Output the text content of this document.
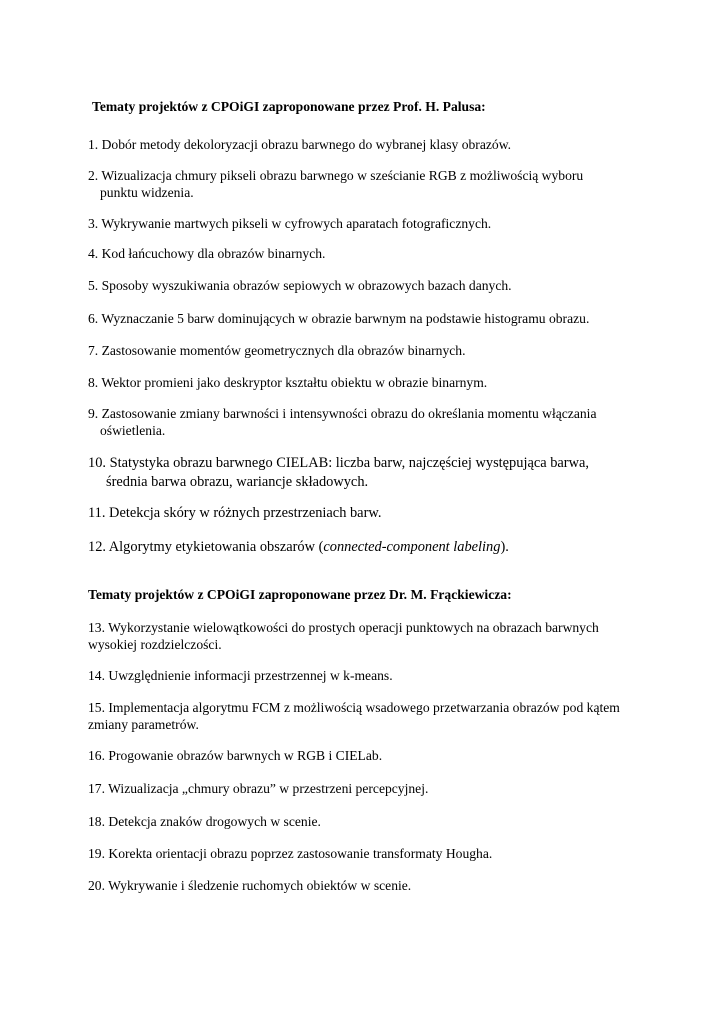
Tematy projektów z CPOiGI zaproponowane przez Prof. H. Palusa:
1. Dobór metody dekoloryzacji obrazu barwnego do wybranej klasy obrazów.
2. Wizualizacja chmury pikseli obrazu barwnego w sześcianie RGB z możliwością wyboru
punktu widzenia.
3. Wykrywanie martwych pikseli w cyfrowych aparatach fotograficznych.
4. Kod łańcuchowy dla obrazów binarnych.
5. Sposoby wyszukiwania obrazów sepiowych w obrazowych bazach danych.
6. Wyznaczanie 5 barw dominujących w obrazie barwnym na podstawie histogramu obrazu.
7. Zastosowanie momentów geometrycznych dla obrazów binarnych.
8. Wektor promieni jako deskryptor kształtu obiektu w obrazie binarnym.
9. Zastosowanie zmiany barwności i intensywności obrazu do określania momentu włączania
oświetlenia.
10. Statystyka obrazu barwnego CIELAB: liczba barw, najczęściej występująca barwa,
średnia barwa obrazu, wariancje składowych.
11. Detekcja skóry w różnych przestrzeniach barw.
12. Algorytmy etykietowania obszarów (connected-component labeling).
Tematy projektów z CPOiGI zaproponowane przez Dr. M. Frąckiewicza:
13. Wykorzystanie wielowątkowości do prostych operacji punktowych na obrazach barwnych
wysokiej rozdzielczości.
14. Uwzględnienie informacji przestrzennej w k-means.
15. Implementacja algorytmu FCM z możliwością wsadowego przetwarzania obrazów pod kątem
zmiany parametrów.
16. Progowanie obrazów barwnych w RGB i CIELab.
17. Wizualizacja „chmury obrazu” w przestrzeni percepcyjnej.
18. Detekcja znaków drogowych w scenie.
19. Korekta orientacji obrazu poprzez zastosowanie transformaty Hougha.
20. Wykrywanie i śledzenie ruchomych obiektów w scenie.
